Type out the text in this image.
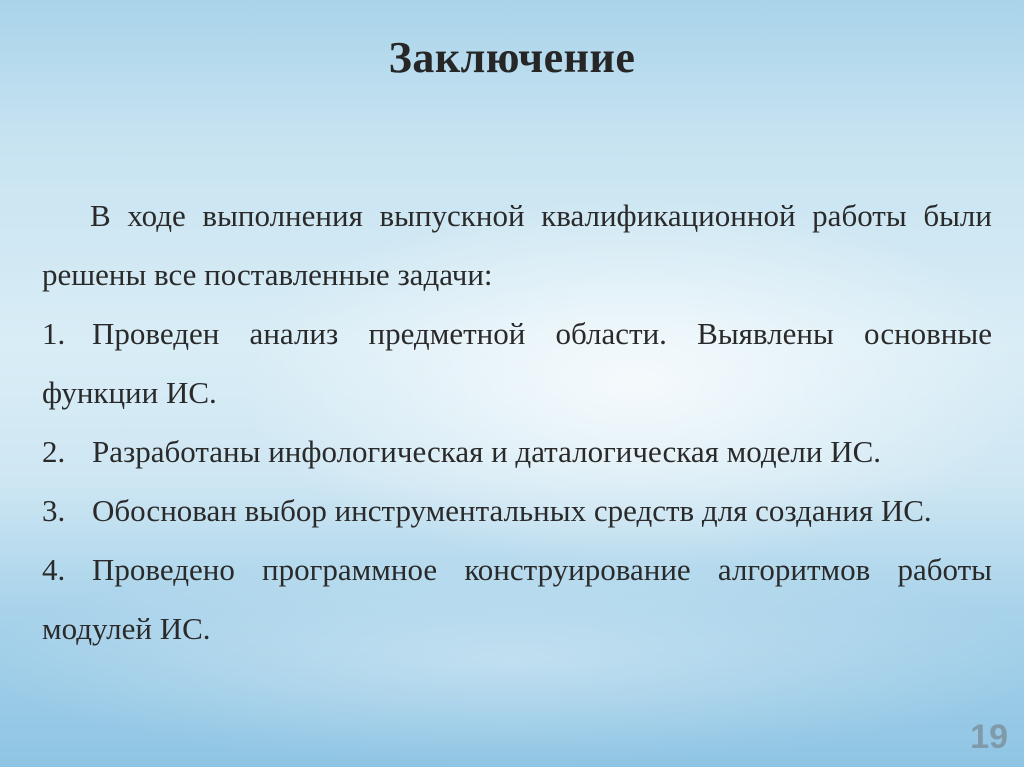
Заключение

В ходе выполнения выпускной квалификационной работы были решены все поставленные задачи:

1. Проведен анализ предметной области. Выявлены основные функции ИС.
2. Разработаны инфологическая и даталогическая модели ИС.
3. Обоснован выбор инструментальных средств для создания ИС.
4. Проведено программное конструирование алгоритмов работы модулей ИС.
19
